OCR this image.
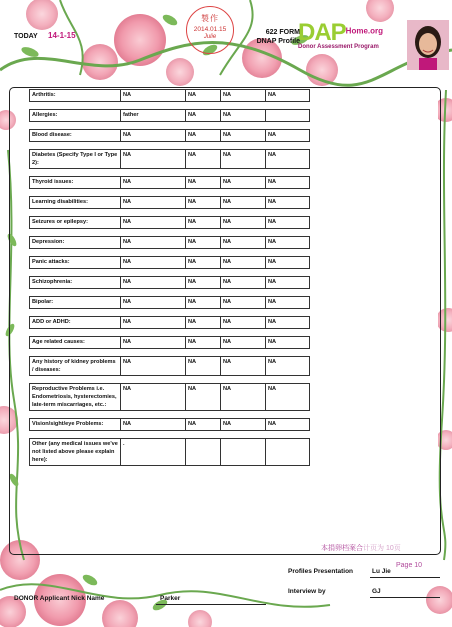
TODAY 14-1-15
製作
2014.01.15
Julie
622 FORM
DNAP Profile
$DAP^{Home.org}$
Donor Assessment Program
Arthritis:	NA	NA	NA	NA

Allergies:	father	NA	NA	

Blood disease:	NA	NA	NA	NA

Diabetes (Specify Type I or Type 2):	NA	NA	NA	NA

Thyroid issues:	NA	NA	NA	NA

Learning disabilities:	NA	NA	NA	NA

Seizures or epilepsy:	NA	NA	NA	NA

Depression:	NA	NA	NA	NA

Panic attacks:	NA	NA	NA	NA

Schizophrenia:	NA	NA	NA	NA

Bipolar:	NA	NA	NA	NA

ADD or ADHD:	NA	NA	NA	NA

Age related causes:	NA	NA	NA	NA

Any history of kidney problems / diseases:	NA	NA	NA	NA

Reproductive Problems i.e. Endometriosis, hysterectomies, late-term miscarriages, etc.:	NA	NA	NA	NA

Vision/sight/eye Problems:	NA	NA	NA	NA

Other (any medical issues we've not listed above please explain here):	.			

本捐卵档案合计页为 10页
Profiles Presentation	Lu Jie
Page 10
Interview by	GJ
DONOR Applicant Nick Name	Parker
